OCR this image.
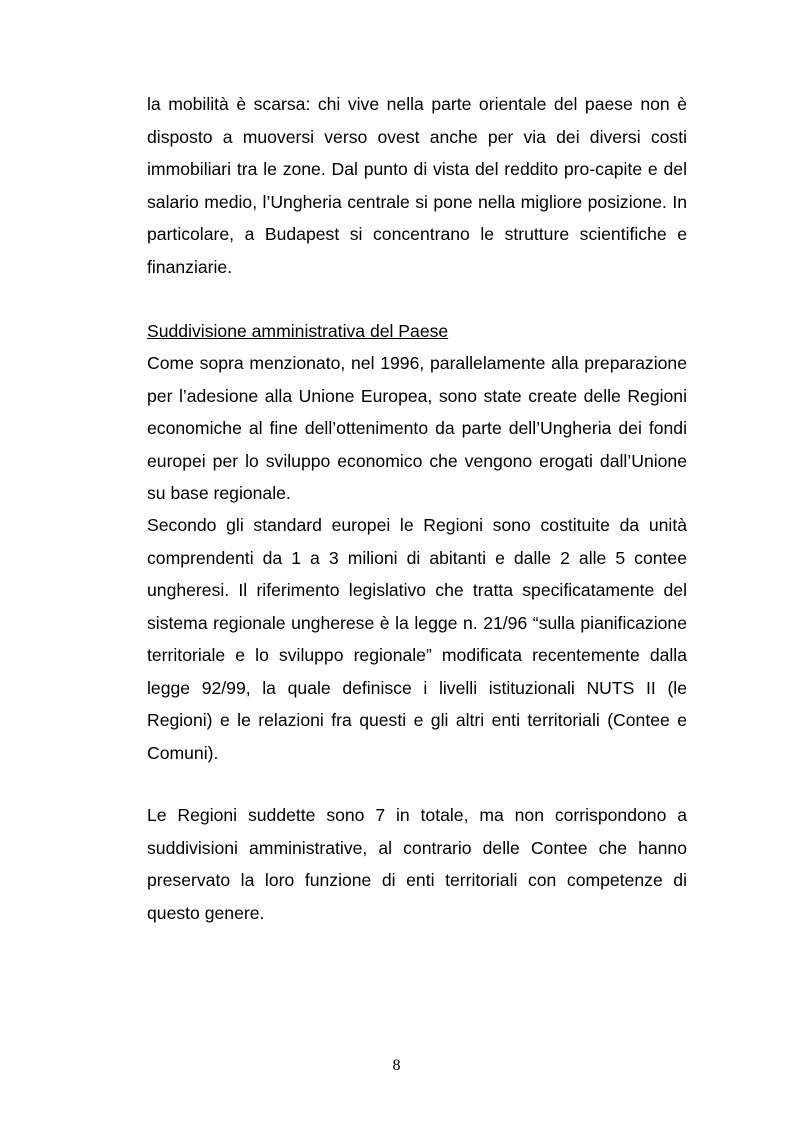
la mobilità è scarsa: chi vive nella parte orientale del paese non è disposto a muoversi verso ovest anche per via dei diversi costi immobiliari tra le zone. Dal punto di vista del reddito pro-capite e del salario medio, l’Ungheria centrale si pone nella migliore posizione. In particolare, a Budapest si concentrano le strutture scientifiche e finanziarie.

Suddivisione amministrativa del Paese

Come sopra menzionato, nel 1996, parallelamente alla preparazione per l’adesione alla Unione Europea, sono state create delle Regioni economiche al fine dell’ottenimento da parte dell’Ungheria dei fondi europei per lo sviluppo economico che vengono erogati dall’Unione su base regionale.

Secondo gli standard europei le Regioni sono costituite da unità comprendenti da 1 a 3 milioni di abitanti e dalle 2 alle 5 contee ungheresi. Il riferimento legislativo che tratta specificatamente del sistema regionale ungherese è la legge n. 21/96 “sulla pianificazione territoriale e lo sviluppo regionale” modificata recentemente dalla legge 92/99, la quale definisce i livelli istituzionali NUTS II (le Regioni) e le relazioni fra questi e gli altri enti territoriali (Contee e Comuni).

Le Regioni suddette sono 7 in totale, ma non corrispondono a suddivisioni amministrative, al contrario delle Contee che hanno preservato la loro funzione di enti territoriali con competenze di questo genere.

8
